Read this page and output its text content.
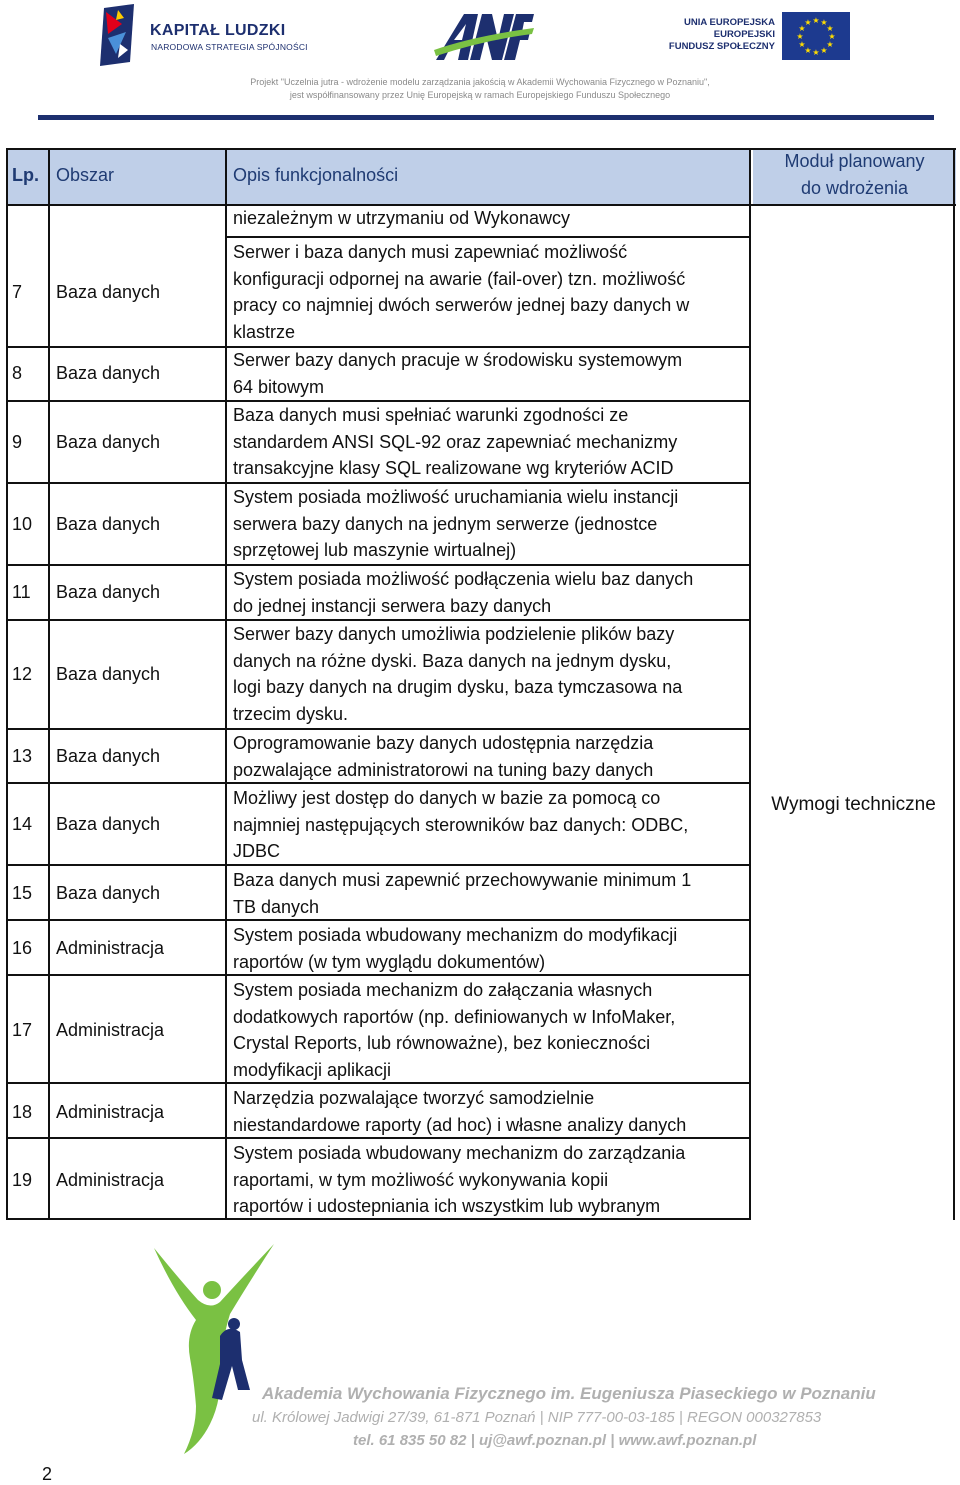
KAPITAŁ LUDZKI
NARODOWA STRATEGIA SPÓJNOŚCI
UNIA EUROPEJSKA
EUROPEJSKI
FUNDUSZ SPOŁECZNY
★ ★
★
★
★
★
★
★
★
★
★
★
Projekt "Uczelnia jutra - wdrożenie modelu zarządzania jakością w Akademii Wychowania Fizycznego w Poznaniu",
jest współfinansowany przez Unię Europejską w ramach Europejskiego Funduszu Społecznego
Lp. Obszar	Opis funkcjonalności
Moduł planowany
do wdrożenia
niezależnym w utrzymaniu od Wykonawcy
7 Baza danych
Serwer i baza danych musi zapewniać możliwość
konfiguracji odpornej na awarie (fail-over) tzn. możliwość
pracy co najmniej dwóch serwerów jednej bazy danych w
klastrze
8 Baza danych
Serwer bazy danych pracuje w środowisku systemowym
64 bitowym
9 Baza danych
Baza danych musi spełniać warunki zgodności ze
standardem ANSI SQL-92 oraz zapewniać mechanizmy
transakcyjne klasy SQL realizowane wg kryteriów ACID
10 Baza danych
System posiada możliwość uruchamiania wielu instancji
serwera bazy danych na jednym serwerze (jednostce
sprzętowej lub maszynie wirtualnej)
11 Baza danych
System posiada możliwość podłączenia wielu baz danych
do jednej instancji serwera bazy danych
12 Baza danych
Serwer bazy danych umożliwia podzielenie plików bazy
danych na różne dyski. Baza danych na jednym dysku,
logi bazy danych na drugim dysku, baza tymczasowa na
trzecim dysku.
13 Baza danych
Oprogramowanie bazy danych udostępnia narzędzia
pozwalające administratorowi na tuning bazy danych
14 Baza danych
Możliwy jest dostęp do danych w bazie za pomocą co
najmniej następujących sterowników baz danych: ODBC,
JDBC
15 Baza danych
Baza danych musi zapewnić przechowywanie minimum 1
TB danych
16 Administracja
System posiada wbudowany mechanizm do modyfikacji
raportów (w tym wyglądu dokumentów)
17 Administracja
System posiada mechanizm do załączania własnych
dodatkowych raportów (np. definiowanych w InfoMaker,
Crystal Reports, lub równoważne), bez konieczności
modyfikacji aplikacji
18 Administracja
Narzędzia pozwalające tworzyć samodzielnie
niestandardowe raporty (ad hoc) i własne analizy danych
19 Administracja
System posiada wbudowany mechanizm do zarządzania
raportami, w tym możliwość wykonywania kopii
raportów i udostepniania ich wszystkim lub wybranym
Wymogi techniczne
Akademia Wychowania Fizycznego im. Eugeniusza Piaseckiego w Poznaniu
ul. Królowej Jadwigi 27/39, 61-871 Poznań | NIP 777-00-03-185 | REGON 000327853
tel. 61 835 50 82 | uj@awf.poznan.pl | www.awf.poznan.pl
2
